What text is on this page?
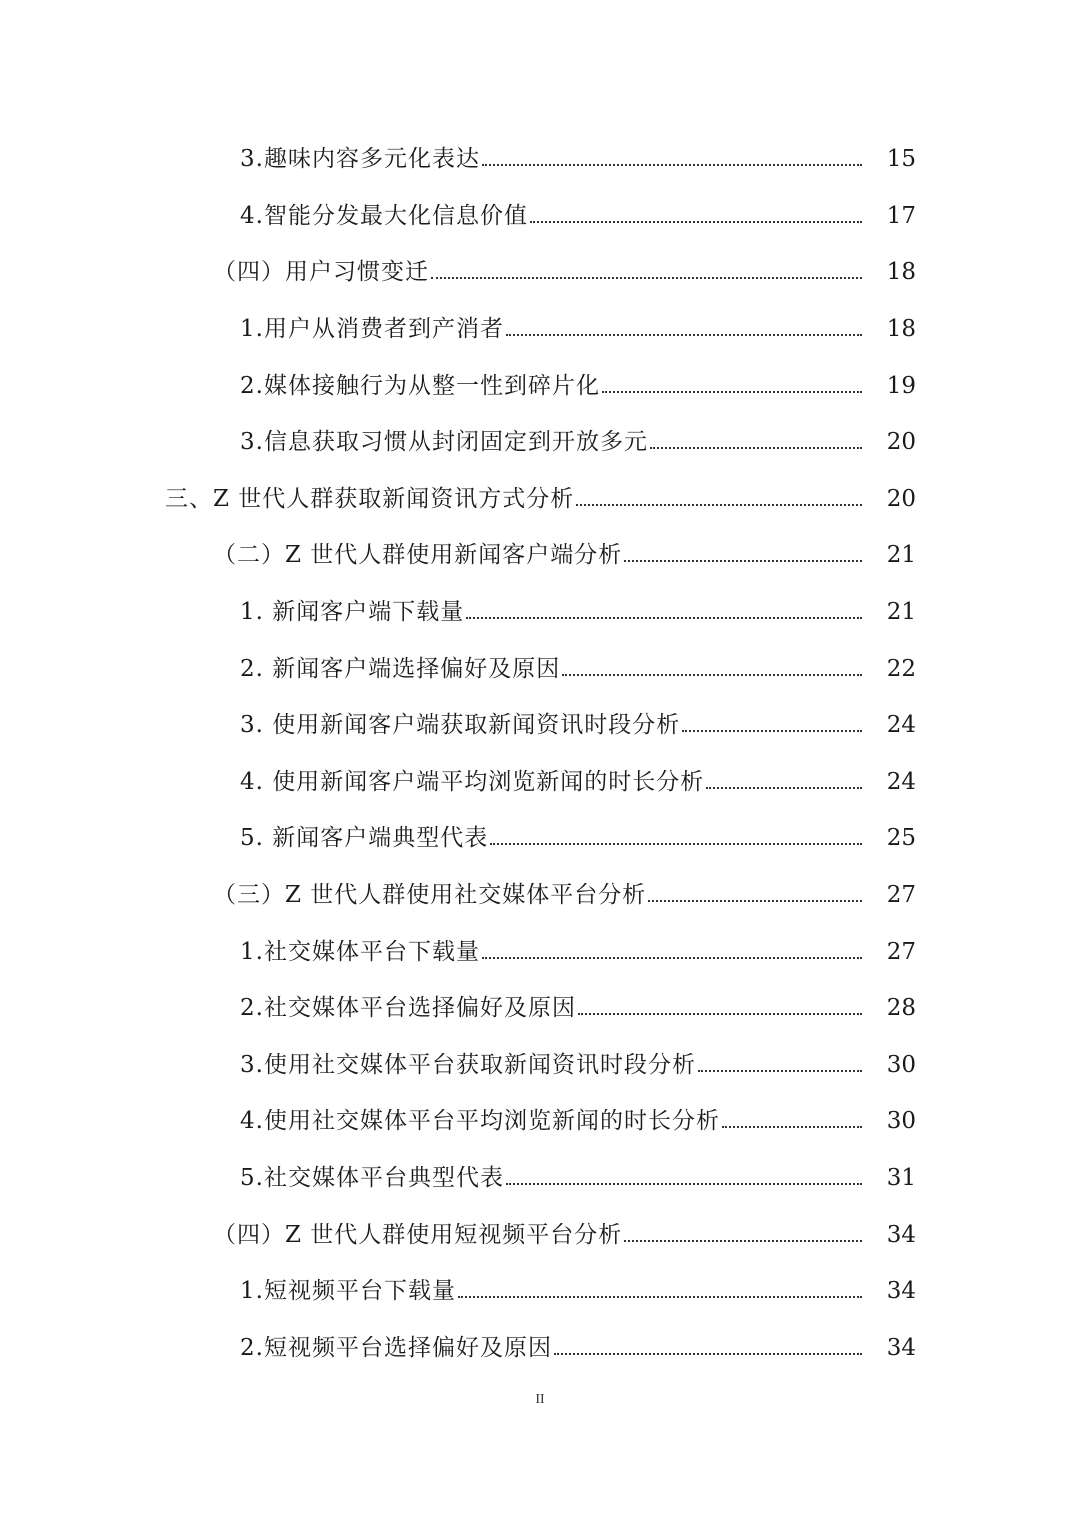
3.趣味内容多元化表达	15
4.智能分发最大化信息价值	17
（四）用户习惯变迁	18
1.用户从消费者到产消者	18
2.媒体接触行为从整一性到碎片化	19
3.信息获取习惯从封闭固定到开放多元	20
三、Z 世代人群获取新闻资讯方式分析	20
（二）Z 世代人群使用新闻客户端分析	21
1. 新闻客户端下载量	21
2. 新闻客户端选择偏好及原因	22
3. 使用新闻客户端获取新闻资讯时段分析	24
4. 使用新闻客户端平均浏览新闻的时长分析	24
5. 新闻客户端典型代表	25
（三）Z 世代人群使用社交媒体平台分析	27
1.社交媒体平台下载量	27
2.社交媒体平台选择偏好及原因	28
3.使用社交媒体平台获取新闻资讯时段分析	30
4.使用社交媒体平台平均浏览新闻的时长分析	30
5.社交媒体平台典型代表	31
（四）Z 世代人群使用短视频平台分析	34
1.短视频平台下载量	34
2.短视频平台选择偏好及原因	34
II
